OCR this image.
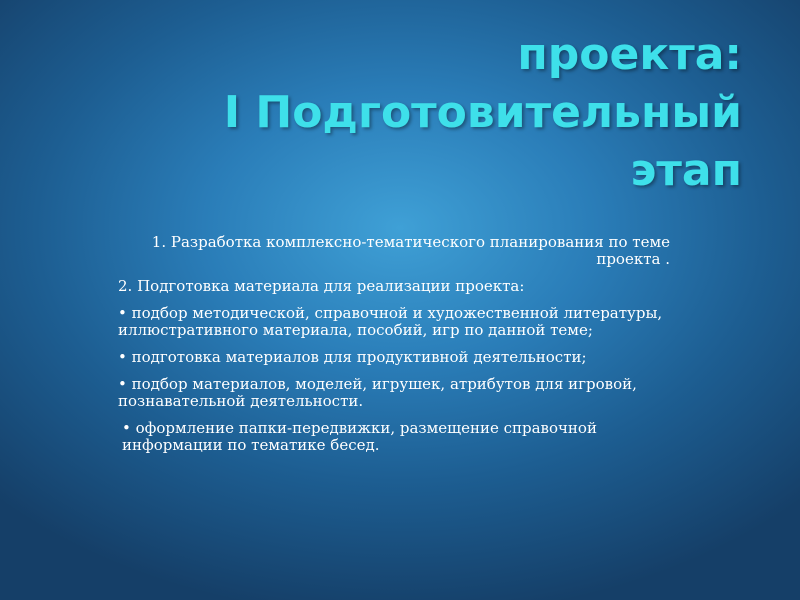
проекта:
I Подготовительный
этап

1. Разработка комплексно-тематического планирования по теме проекта .

2. Подготовка материала для реализации проекта:

• подбор методической, справочной и художественной литературы, иллюстративного материала, пособий, игр по данной теме;

• подготовка материалов для продуктивной деятельности;

• подбор материалов, моделей, игрушек, атрибутов для игровой, познавательной деятельности.

• оформление папки-передвижки, размещение справочной информации по тематике бесед.
